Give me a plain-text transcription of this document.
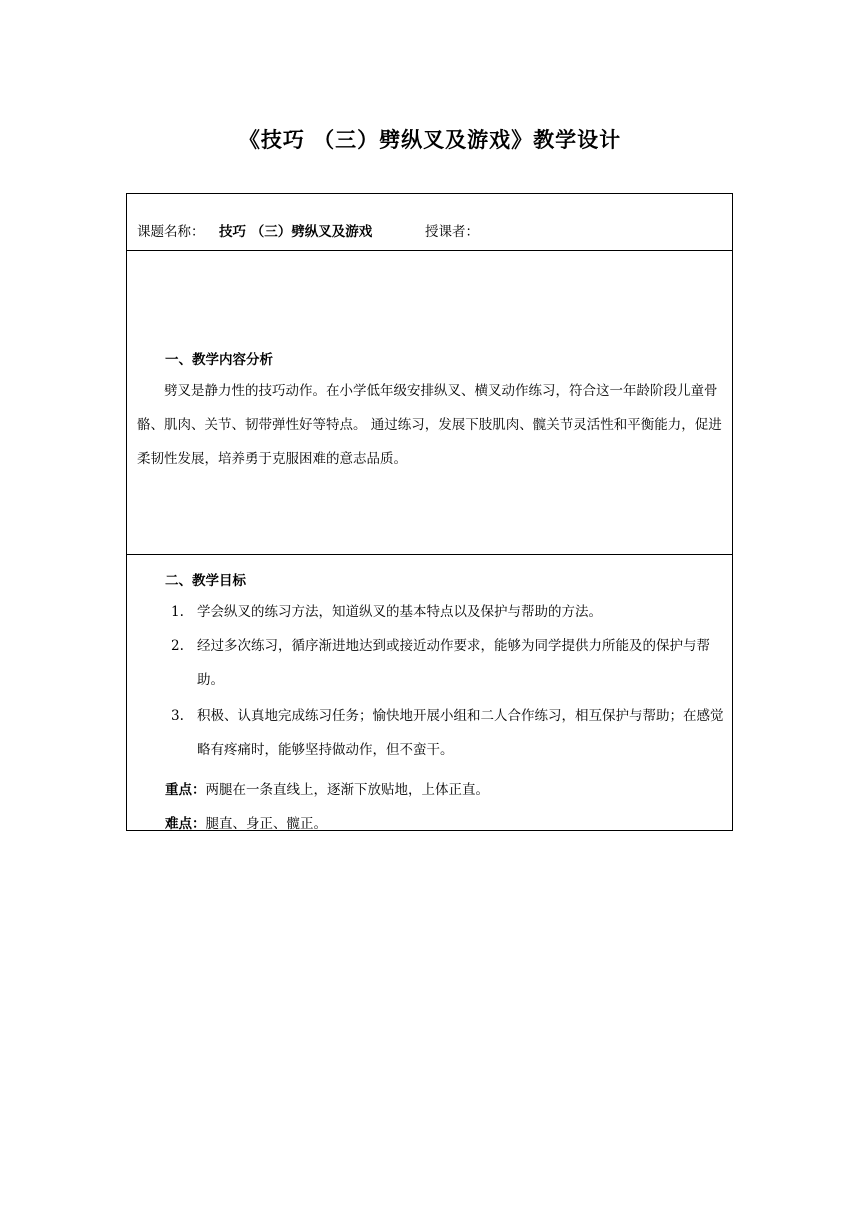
《技巧 （三）劈纵叉及游戏》教学设计
课题名称： 技巧 （三）劈纵叉及游戏	授课者：
一、教学内容分析
劈叉是静力性的技巧动作。在小学低年级安排纵叉、横叉动作练习，符合这一年龄阶段儿童骨骼、肌肉、关节、韧带弹性好等特点。 通过练习，发展下肢肌肉、髋关节灵活性和平衡能力，促进柔韧性发展，培养勇于克服困难的意志品质。
二、教学目标
1. 学会纵叉的练习方法，知道纵叉的基本特点以及保护与帮助的方法。
2. 经过多次练习，循序渐进地达到或接近动作要求，能够为同学提供力所能及的保护与帮助。
3. 积极、认真地完成练习任务；愉快地开展小组和二人合作练习，相互保护与帮助；在感觉略有疼痛时，能够坚持做动作，但不蛮干。
重点：两腿在一条直线上，逐渐下放贴地，上体正直。
难点：腿直、身正、髋正。
